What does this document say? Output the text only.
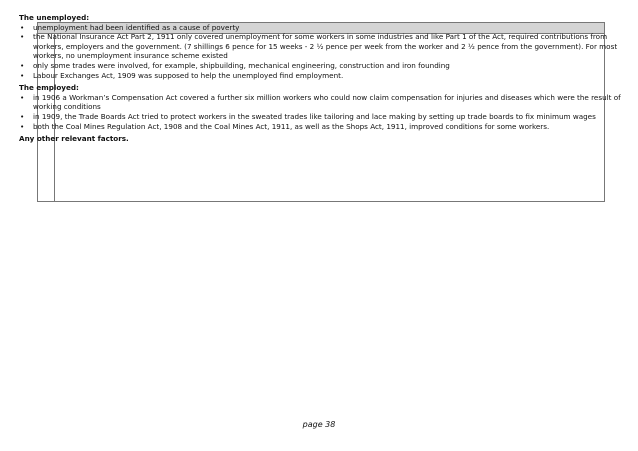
The unemployed:

• unemployment had been identified as a cause of poverty
• the National Insurance Act Part 2, 1911 only covered unemployment for some workers in some industries and like Part 1 of the Act, required contributions from workers, employers and the government. (7 shillings 6 pence for 15 weeks - 2 ½ pence per week from the worker and 2 ½ pence from the government). For most workers, no unemployment insurance scheme existed
• only some trades were involved, for example, shipbuilding, mechanical engineering, construction and iron founding
• Labour Exchanges Act, 1909 was supposed to help the unemployed find employment.

The employed:

• in 1906 a Workman’s Compensation Act covered a further six million workers who could now claim compensation for injuries and diseases which were the result of working conditions
• in 1909, the Trade Boards Act tried to protect workers in the sweated trades like tailoring and lace making by setting up trade boards to fix minimum wages
• both the Coal Mines Regulation Act, 1908 and the Coal Mines Act, 1911, as well as the Shops Act, 1911, improved conditions for some workers.

Any other relevant factors.

page 38
